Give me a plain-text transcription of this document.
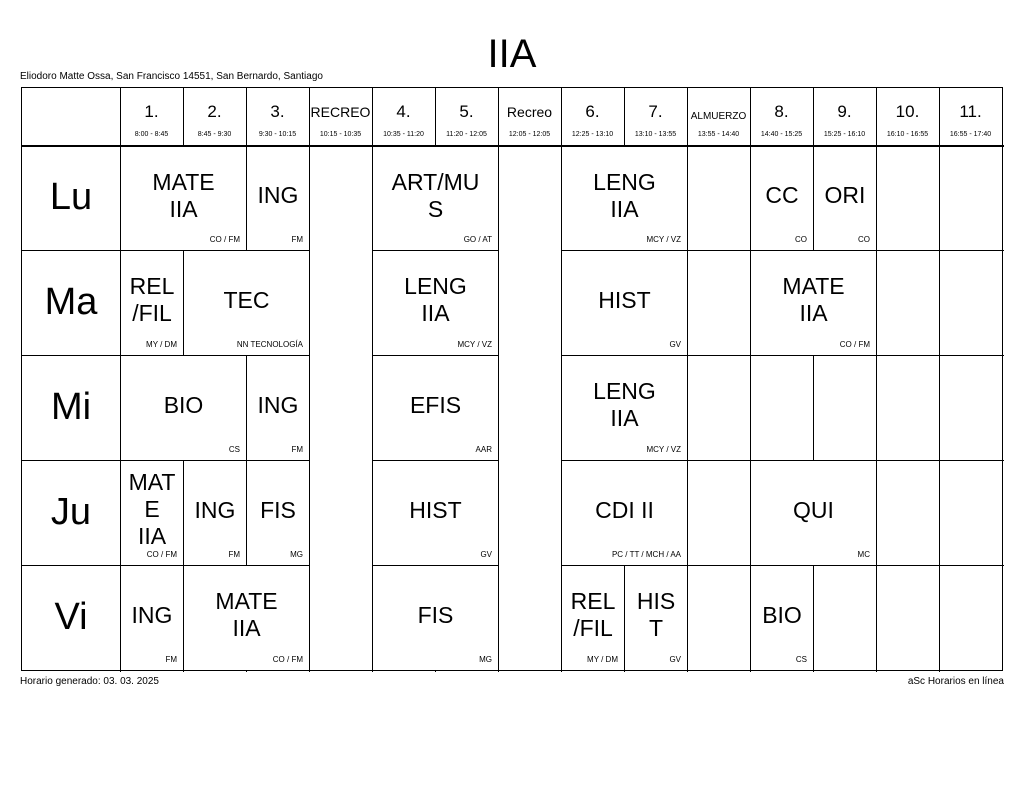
IIA
Eliodoro Matte Ossa, San Francisco 14551, San Bernardo, Santiago
1.
8:00 - 8:45
2.
8:45 - 9:30
3.
9:30 - 10:15
RECREO
10:15 - 10:35
4.
10:35 - 11:20
5.
11:20 - 12:05
Recreo
12:05 - 12:05
6.
12:25 - 13:10
7.
13:10 - 13:55
ALMUERZO
13:55 - 14:40
8.
14:40 - 15:25
9.
15:25 - 16:10
10.
16:10 - 16:55
11.
16:55 - 17:40
Lu
Ma
Mi
Ju
Vi
MATE
IIA
CO / FM
ING
FM
ART/MU
S
GO / AT
LENG
IIA
MCY / VZ
CC
CO
ORI
CO
REL
/FIL
MY / DM
TEC
NN TECNOLOGÍA
LENG
IIA
MCY / VZ
HIST
GV
MATE
IIA
CO / FM
BIO
CS
ING
FM
EFIS
AAR
LENG
IIA
MCY / VZ
MAT
E
IIA
CO / FM
ING
FM
FIS
MG
HIST
GV
CDI II
PC / TT / MCH / AA
QUI
MC
ING
FM
MATE
IIA
CO / FM
FIS
MG
REL
/FIL
MY / DM
HIS
T
GV
BIO
CS
Horario generado: 03. 03. 2025	aSc Horarios en línea
